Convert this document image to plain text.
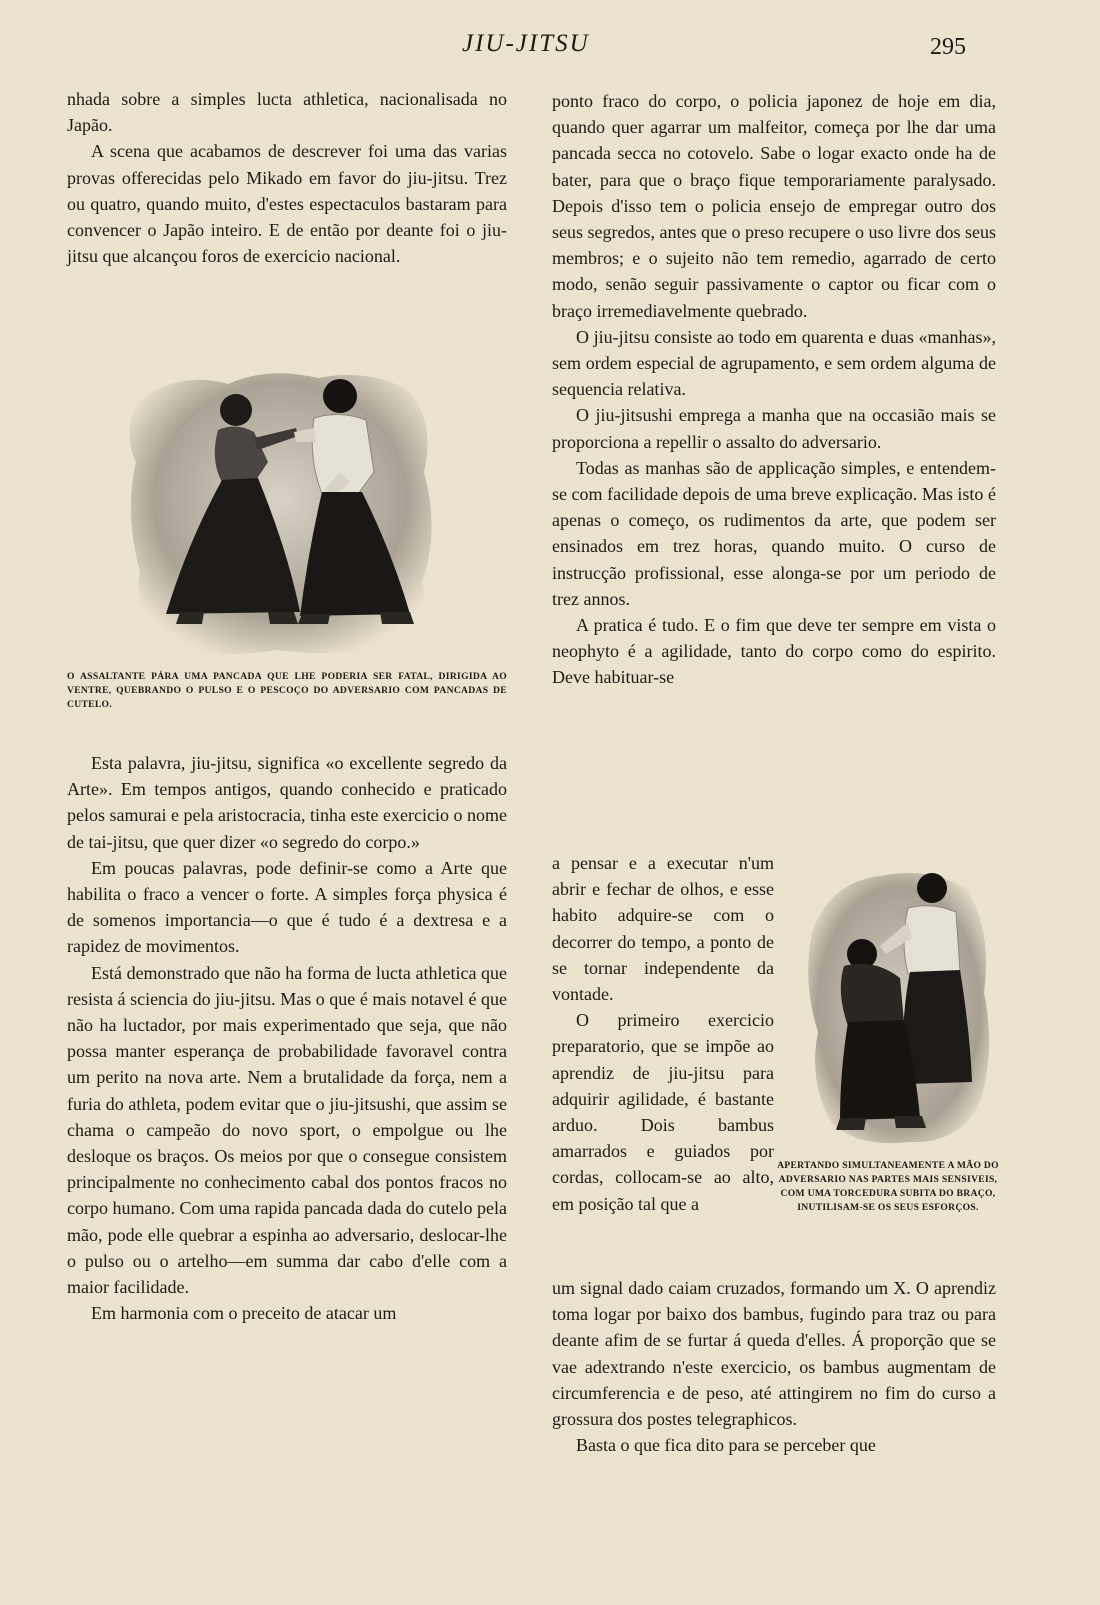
JIU-JITSU	295

nhada sobre a simples lucta athletica, nacionalisada no Japão.

A scena que acabamos de descrever foi uma das varias provas offerecidas pelo Mikado em favor do jiu-jitsu. Trez ou quatro, quando muito, d'estes espectaculos bastaram para convencer o Japão inteiro. E de então por deante foi o jiu-jitsu que alcançou foros de exercicio nacional.

O ASSALTANTE PÁRA UMA PANCADA QUE LHE PODERIA SER FATAL, DIRIGIDA AO VENTRE, QUEBRANDO O PULSO E O PESCOÇO DO ADVERSARIO COM PANCADAS DE CUTELO.

Esta palavra, jiu-jitsu, significa «o excellente segredo da Arte». Em tempos antigos, quando conhecido e praticado pelos samurai e pela aristocracia, tinha este exercicio o nome de tai-jitsu, que quer dizer «o segredo do corpo.»

Em poucas palavras, pode definir-se como a Arte que habilita o fraco a vencer o forte. A simples força physica é de somenos importancia—o que é tudo é a dextresa e a rapidez de movimentos.

Está demonstrado que não ha forma de lucta athletica que resista á sciencia do jiu-jitsu. Mas o que é mais notavel é que não ha luctador, por mais experimentado que seja, que não possa manter esperança de probabilidade favoravel contra um perito na nova arte. Nem a brutalidade da força, nem a furia do athleta, podem evitar que o jiu-jitsushi, que assim se chama o campeão do novo sport, o empolgue ou lhe desloque os braços. Os meios por que o consegue consistem principalmente no conhecimento cabal dos pontos fracos no corpo humano. Com uma rapida pancada dada do cutelo pela mão, pode elle quebrar a espinha ao adversario, deslocar-lhe o pulso ou o artelho—em summa dar cabo d'elle com a maior facilidade.

Em harmonia com o preceito de atacar um

ponto fraco do corpo, o policia japonez de hoje em dia, quando quer agarrar um malfeitor, começa por lhe dar uma pancada secca no cotovelo. Sabe o logar exacto onde ha de bater, para que o braço fique temporariamente paralysado. Depois d'isso tem o policia ensejo de empregar outro dos seus segredos, antes que o preso recupere o uso livre dos seus membros; e o sujeito não tem remedio, agarrado de certo modo, senão seguir passivamente o captor ou ficar com o braço irremediavelmente quebrado.

O jiu-jitsu consiste ao todo em quarenta e duas «manhas», sem ordem especial de agrupamento, e sem ordem alguma de sequencia relativa.

O jiu-jitsushi emprega a manha que na occasião mais se proporciona a repellir o assalto do adversario.

Todas as manhas são de applicação simples, e entendem-se com facilidade depois de uma breve explicação. Mas isto é apenas o começo, os rudimentos da arte, que podem ser ensinados em trez horas, quando muito. O curso de instrucção profissional, esse alonga-se por um periodo de trez annos.

A pratica é tudo. E o fim que deve ter sempre em vista o neophyto é a agilidade, tanto do corpo como do espirito. Deve habituar-se

a pensar e a executar n'um abrir e fechar de olhos, e esse habito adquire-se com o decorrer do tempo, a ponto de se tornar independente da vontade.

O primeiro exercicio preparatorio, que se impõe ao aprendiz de jiu-jitsu para adquirir agilidade, é bastante arduo. Dois bambus amarrados e guiados por cordas, collocam-se ao alto, em posição tal que a

APERTANDO SIMULTANEAMENTE A MÃO DO ADVERSARIO NAS PARTES MAIS SENSIVEIS, COM UMA TORCEDURA SUBITA DO BRAÇO, INUTILISAM-SE OS SEUS ESFORÇOS.

um signal dado caiam cruzados, formando um X. O aprendiz toma logar por baixo dos bambus, fugindo para traz ou para deante afim de se furtar á queda d'elles. Á proporção que se vae adextrando n'este exercicio, os bambus augmentam de circumferencia e de peso, até attingirem no fim do curso a grossura dos postes telegraphicos.

Basta o que fica dito para se perceber que
